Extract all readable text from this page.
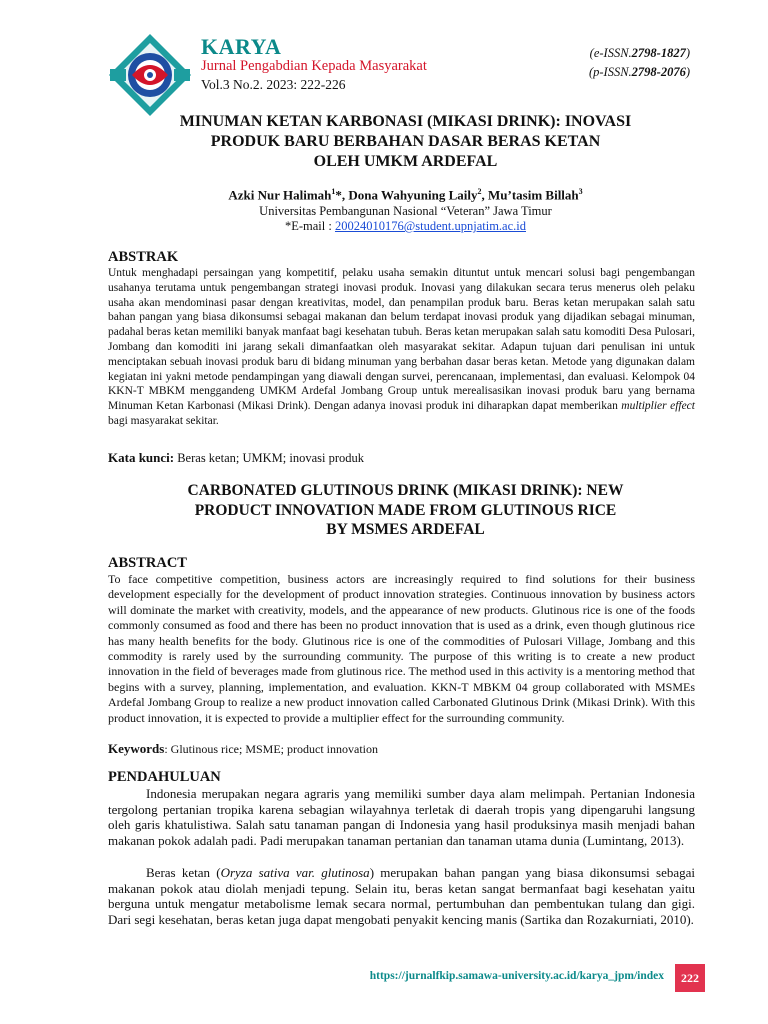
KARYA
Jurnal Pengabdian Kepada Masyarakat
Vol.3 No.2. 2023: 222-226
(e-ISSN.2798-1827)
(p-ISSN.2798-2076)
MINUMAN KETAN KARBONASI (MIKASI DRINK): INOVASI
PRODUK BARU BERBAHAN DASAR BERAS KETAN
OLEH UMKM ARDEFAL
Azki Nur Halimah$^1$*, Dona Wahyuning Laily$^2$, Mu’tasim Billah$^3$
Universitas Pembangunan Nasional “Veteran” Jawa Timur
*E-mail : 20024010176@student.upnjatim.ac.id
ABSTRAK
Untuk menghadapi persaingan yang kompetitif, pelaku usaha semakin dituntut untuk mencari solusi bagi pengembangan usahanya terutama untuk pengembangan strategi inovasi produk. Inovasi yang dilakukan secara terus menerus oleh pelaku usaha akan mendominasi pasar dengan kreativitas, model, dan penampilan produk baru. Beras ketan merupakan salah satu bahan pangan yang biasa dikonsumsi sebagai makanan dan belum terdapat inovasi produk yang dijadikan sebagai minuman, padahal beras ketan memiliki banyak manfaat bagi kesehatan tubuh. Beras ketan merupakan salah satu komoditi Desa Pulosari, Jombang dan komoditi ini jarang sekali dimanfaatkan oleh masyarakat sekitar. Adapun tujuan dari penulisan ini untuk menciptakan sebuah inovasi produk baru di bidang minuman yang berbahan dasar beras ketan. Metode yang digunakan dalam kegiatan ini yakni metode pendampingan yang diawali dengan survei, perencanaan, implementasi, dan evaluasi. Kelompok 04 KKN-T MBKM menggandeng UMKM Ardefal Jombang Group untuk merealisasikan inovasi produk baru yang bernama Minuman Ketan Karbonasi (Mikasi Drink). Dengan adanya inovasi produk ini diharapkan dapat memberikan multiplier effect bagi masyarakat sekitar.
Kata kunci: Beras ketan; UMKM; inovasi produk
CARBONATED GLUTINOUS DRINK (MIKASI DRINK): NEW
PRODUCT INNOVATION MADE FROM GLUTINOUS RICE
BY MSMES ARDEFAL
ABSTRACT
To face competitive competition, business actors are increasingly required to find solutions for their business development especially for the development of product innovation strategies. Continuous innovation by business actors will dominate the market with creativity, models, and the appearance of new products. Glutinous rice is one of the foods commonly consumed as food and there has been no product innovation that is used as a drink, even though glutinous rice has many health benefits for the body. Glutinous rice is one of the commodities of Pulosari Village, Jombang and this commodity is rarely used by the surrounding community. The purpose of this writing is to create a new product innovation in the field of beverages made from glutinous rice. The method used in this activity is a mentoring method that begins with a survey, planning, implementation, and evaluation. KKN-T MBKM 04 group collaborated with MSMEs Ardefal Jombang Group to realize a new product innovation called Carbonated Glutinous Drink (Mikasi Drink). With this product innovation, it is expected to provide a multiplier effect for the surrounding community.
Keywords: Glutinous rice; MSME; product innovation
PENDAHULUAN
Indonesia merupakan negara agraris yang memiliki sumber daya alam melimpah. Pertanian Indonesia tergolong pertanian tropika karena sebagian wilayahnya terletak di daerah tropis yang dipengaruhi langsung oleh garis khatulistiwa. Salah satu tanaman pangan di Indonesia yang hasil produksinya masih menjadi bahan makanan pokok adalah padi. Padi merupakan tanaman pertanian dan tanaman utama dunia (Lumintang, 2013).
Beras ketan (Oryza sativa var. glutinosa) merupakan bahan pangan yang biasa dikonsumsi sebagai makanan pokok atau diolah menjadi tepung. Selain itu, beras ketan sangat bermanfaat bagi kesehatan yaitu berguna untuk mengatur metabolisme lemak secara normal, pertumbuhan dan pembentukan tulang dan gigi. Dari segi kesehatan, beras ketan juga dapat mengobati penyakit kencing manis (Sartika dan Rozakurniati, 2010).
https://jurnalfkip.samawa-university.ac.id/karya_jpm/index	222
